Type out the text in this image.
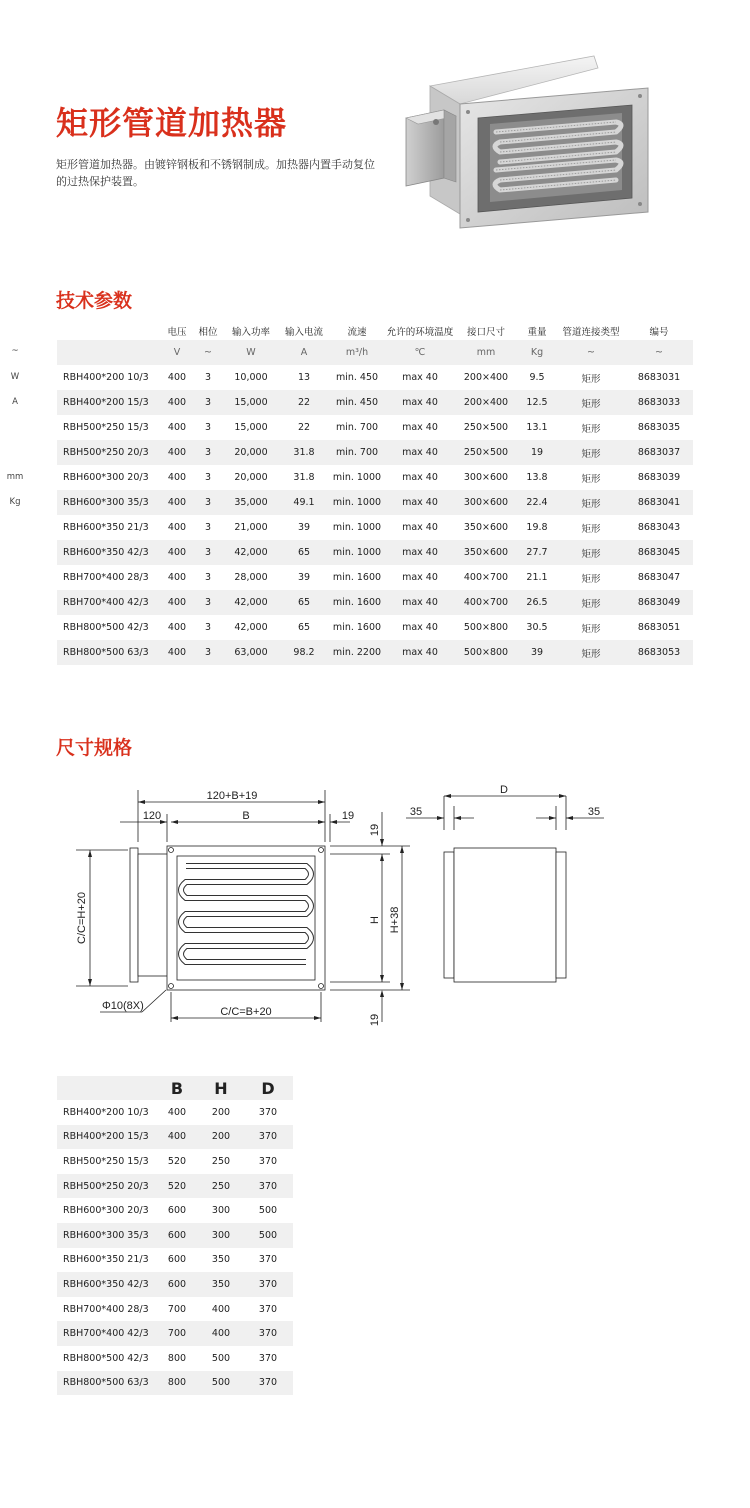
矩形管道加热器
矩形管道加热器。由镀锌钢板和不锈钢制成。加热器内置手动复位的过热保护装置。
技术参数
~
W
A
mm
Kg
	电压	相位	输入功率	输入电流	流速	允许的环境温度	接口尺寸	重量	管道连接类型	编号
	V	~	W	A	m³/h	℃	mm	Kg	~	~
RBH400*200 10/3	400	3	10,000	13	min. 450	max 40	200×400	9.5	矩形	8683031
RBH400*200 15/3	400	3	15,000	22	min. 450	max 40	200×400	12.5	矩形	8683033
RBH500*250 15/3	400	3	15,000	22	min. 700	max 40	250×500	13.1	矩形	8683035
RBH500*250 20/3	400	3	20,000	31.8	min. 700	max 40	250×500	19	矩形	8683037
RBH600*300 20/3	400	3	20,000	31.8	min. 1000	max 40	300×600	13.8	矩形	8683039
RBH600*300 35/3	400	3	35,000	49.1	min. 1000	max 40	300×600	22.4	矩形	8683041
RBH600*350 21/3	400	3	21,000	39	min. 1000	max 40	350×600	19.8	矩形	8683043
RBH600*350 42/3	400	3	42,000	65	min. 1000	max 40	350×600	27.7	矩形	8683045
RBH700*400 28/3	400	3	28,000	39	min. 1600	max 40	400×700	21.1	矩形	8683047
RBH700*400 42/3	400	3	42,000	65	min. 1600	max 40	400×700	26.5	矩形	8683049
RBH800*500 42/3	400	3	42,000	65	min. 1600	max 40	500×800	30.5	矩形	8683051
RBH800*500 63/3	400	3	63,000	98.2	min. 2200	max 40	500×800	39	矩形	8683053
尺寸规格
120+B+19
120	B	19
19
19
C/C=H+20	H H+38
C/C=B+20
Φ10(8X)
D
35	35
	B	H	D
RBH400*200 10/3	400	200	370
RBH400*200 15/3	400	200	370
RBH500*250 15/3	520	250	370
RBH500*250 20/3	520	250	370
RBH600*300 20/3	600	300	500
RBH600*300 35/3	600	300	500
RBH600*350 21/3	600	350	370
RBH600*350 42/3	600	350	370
RBH700*400 28/3	700	400	370
RBH700*400 42/3	700	400	370
RBH800*500 42/3	800	500	370
RBH800*500 63/3	800	500	370
